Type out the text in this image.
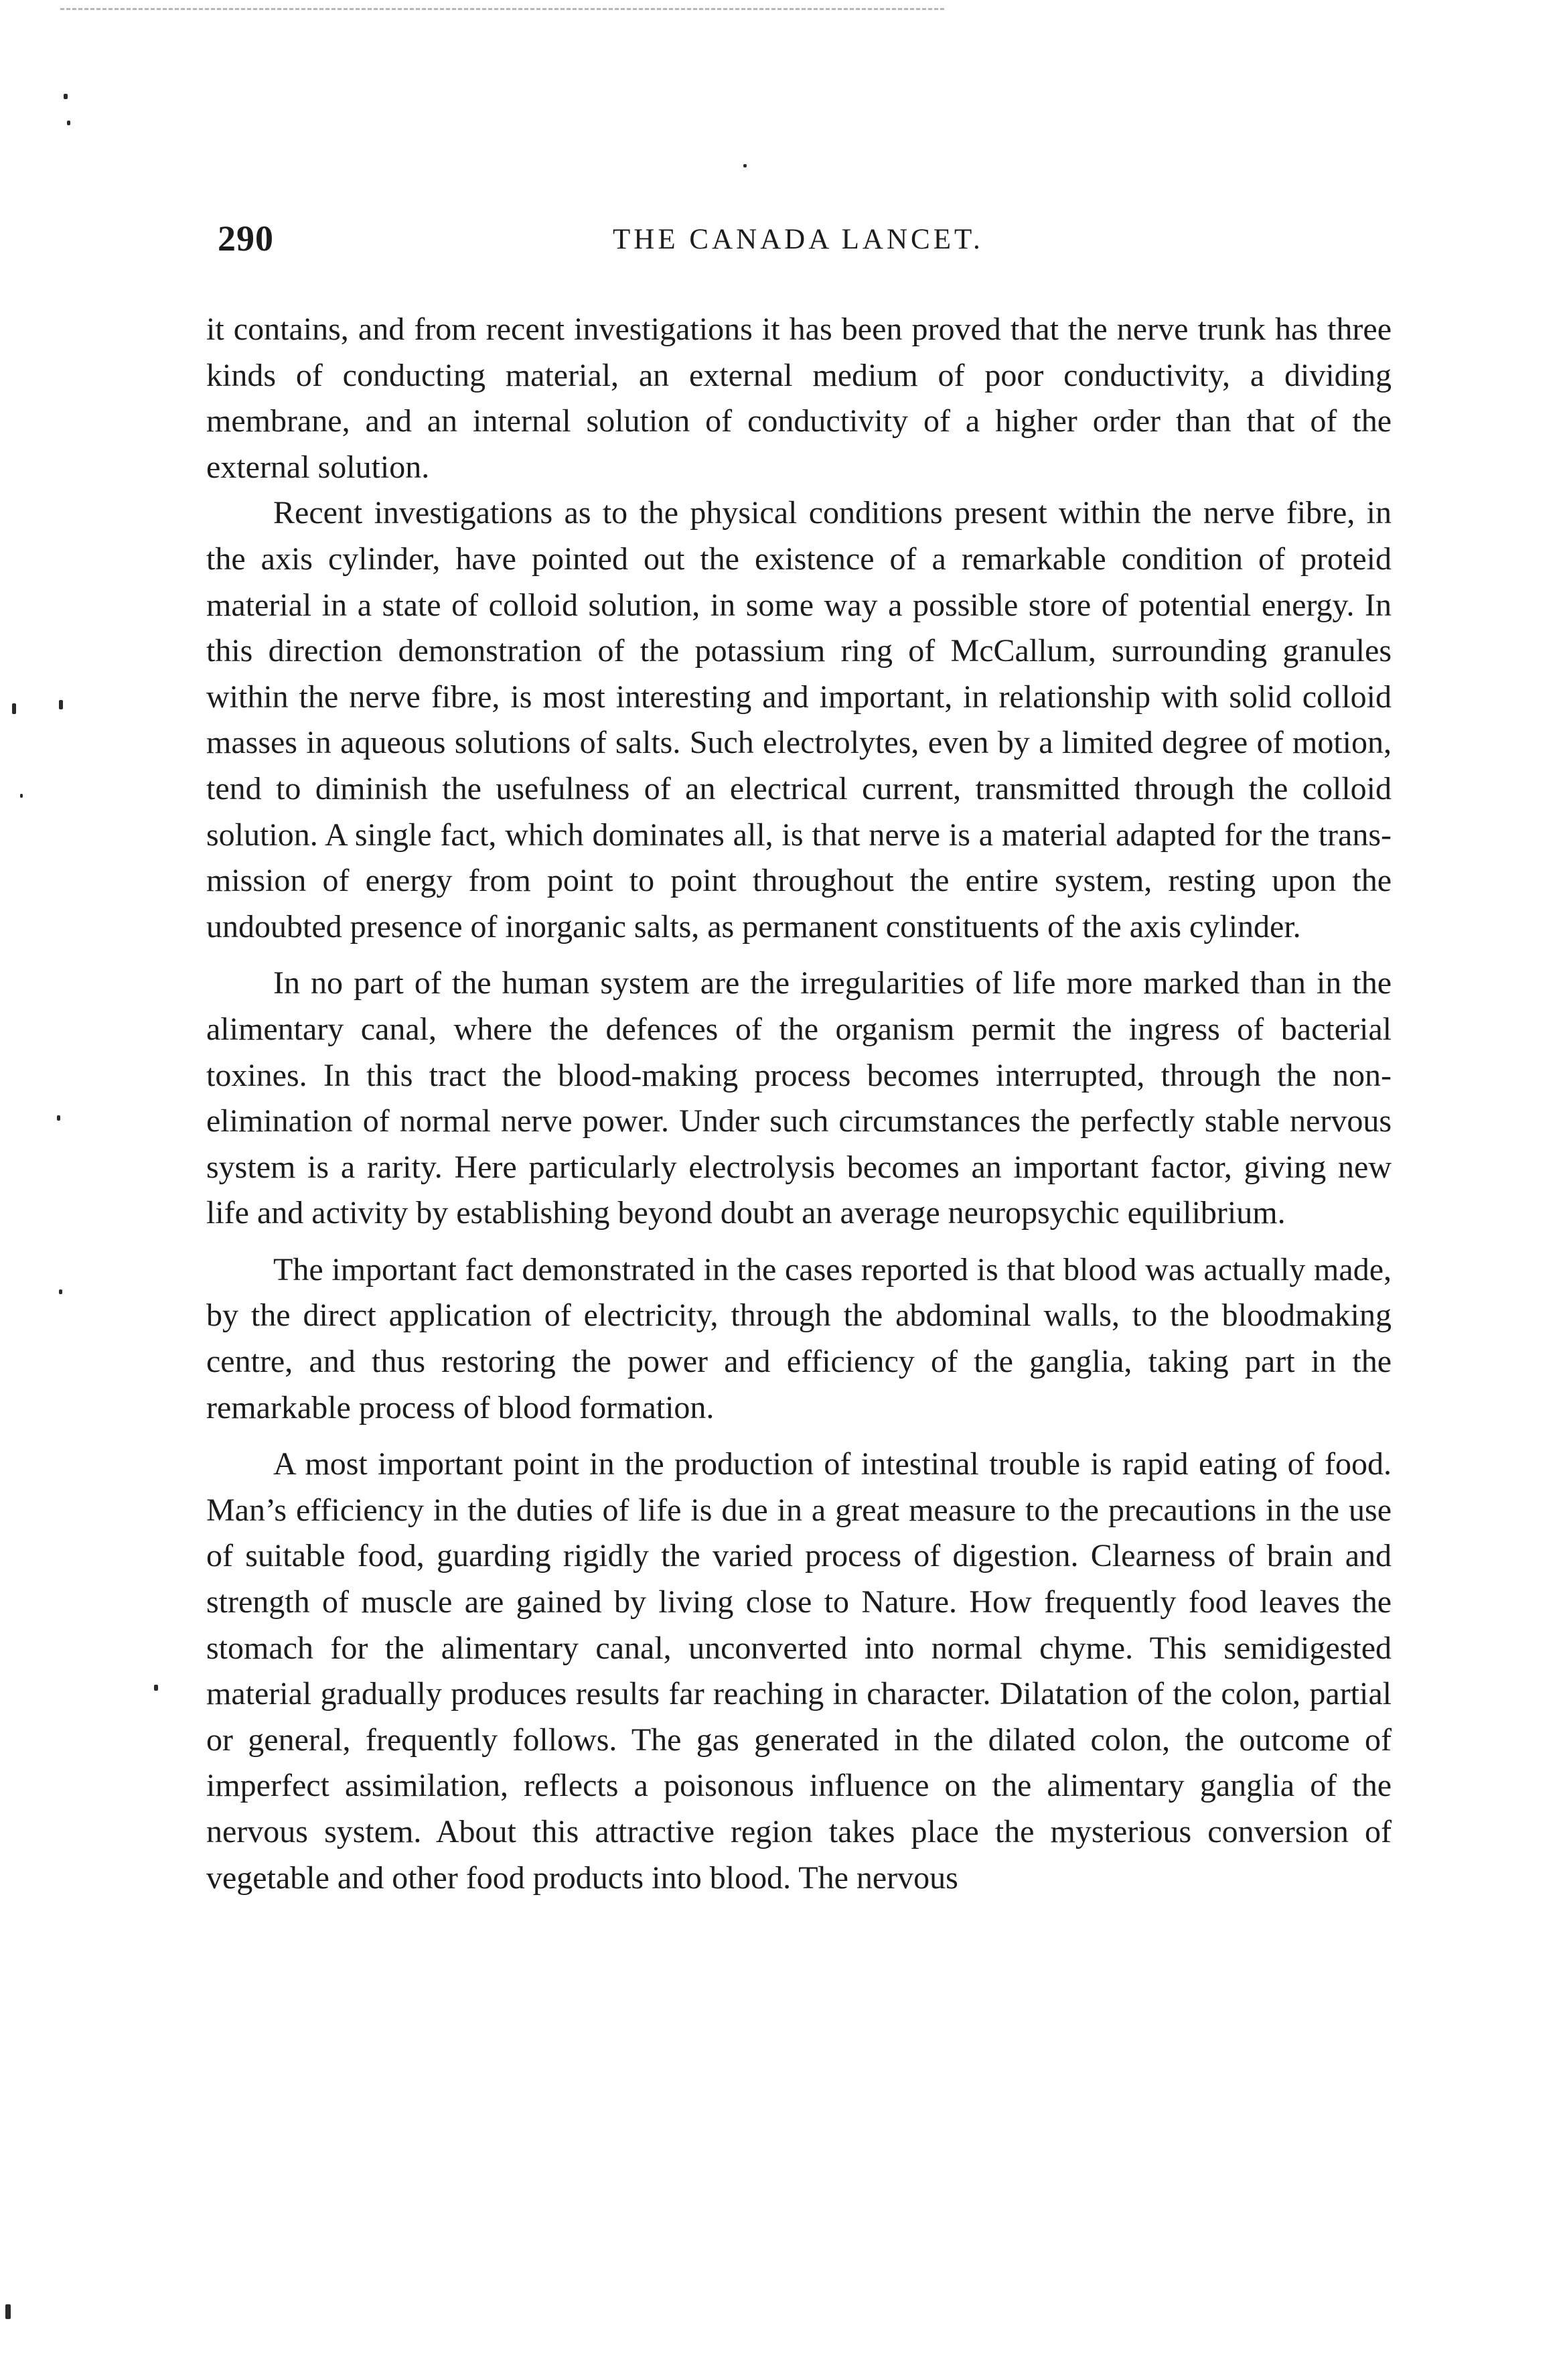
290	THE CANADA LANCET.

it contains, and from recent investigations it has been proved that the nerve trunk has three kinds of conducting material, an external medium of poor conductivity, a dividing membrane, and an internal solution of conductivity of a higher order than that of the external solution.

Recent investigations as to the physical conditions present within the nerve fibre, in the axis cylinder, have pointed out the existence of a remarkable condition of proteid material in a state of colloid solution, in some way a possible store of potential energy. In this direction demonstration of the potassium ring of McCallum, surrounding granules within the nerve fibre, is most interesting and important, in relationship with solid colloid masses in aqueous solutions of salts. Such electrolytes, even by a limited degree of motion, tend to diminish the usefulness of an electrical current, transmitted through the colloid solution. A single fact, which dominates all, is that nerve is a material adapted for the transmission of energy from point to point throughout the entire system, resting upon the undoubted presence of inorganic salts, as permanent constituents of the axis cylinder.

In no part of the human system are the irregularities of life more marked than in the alimentary canal, where the defences of the organism permit the ingress of bacterial toxines. In this tract the blood-making process becomes interrupted, through the non-elimination of normal nerve power. Under such circumstances the perfectly stable nervous system is a rarity. Here particularly electrolysis becomes an important factor, giving new life and activity by establishing beyond doubt an average neuropsychic equilibrium.

The important fact demonstrated in the cases reported is that blood was actually made, by the direct application of electricity, through the abdominal walls, to the bloodmaking centre, and thus restoring the power and efficiency of the ganglia, taking part in the remarkable process of blood formation.

A most important point in the production of intestinal trouble is rapid eating of food. Man’s efficiency in the duties of life is due in a great measure to the precautions in the use of suitable food, guarding rigidly the varied process of digestion. Clearness of brain and strength of muscle are gained by living close to Nature. How frequently food leaves the stomach for the alimentary canal, unconverted into normal chyme. This semidigested material gradually produces results far reaching in character. Dilatation of the colon, partial or general, frequently follows. The gas generated in the dilated colon, the outcome of imperfect assimilation, reflects a poisonous influence on the alimentary ganglia of the nervous system. About this attractive region takes place the mysterious conversion of vegetable and other food products into blood. The nervous
